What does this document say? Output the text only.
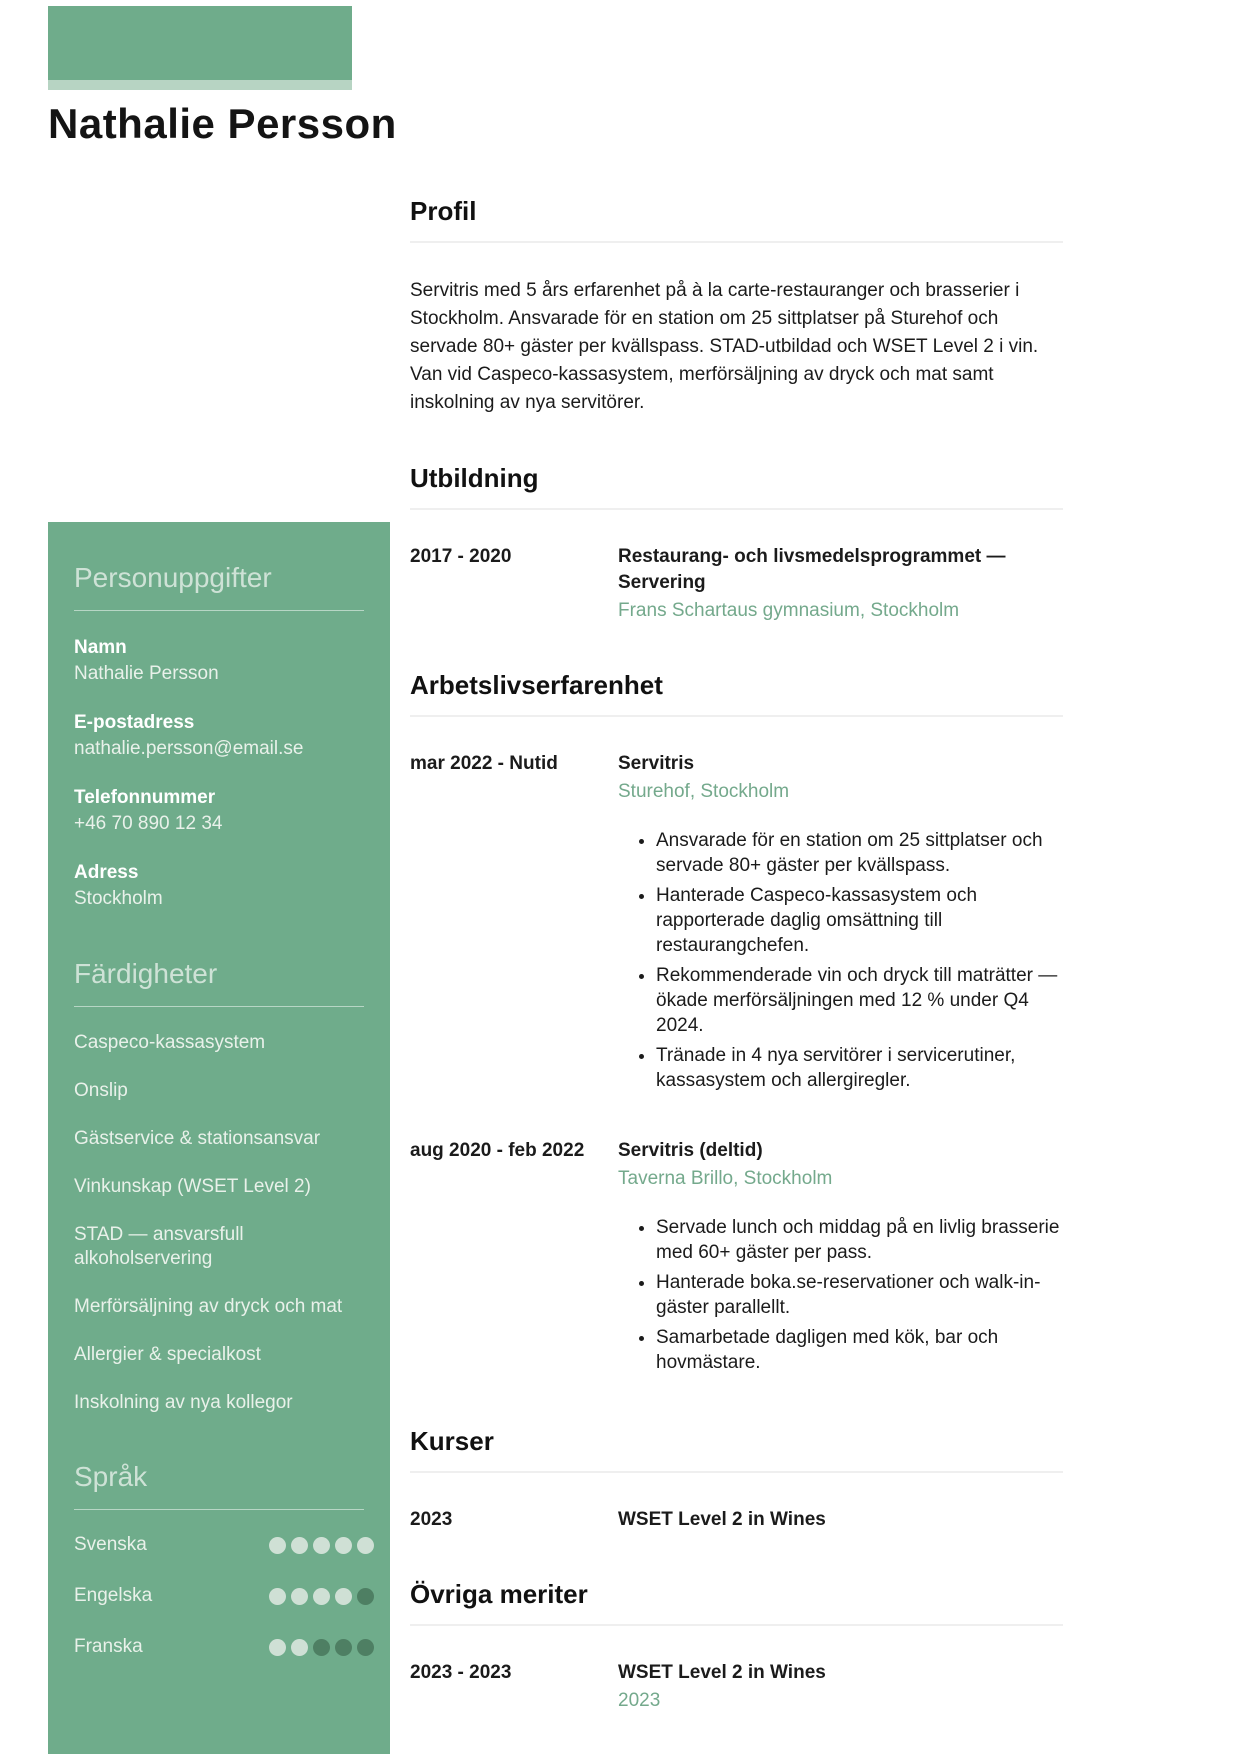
Nathalie Persson
Personuppgifter
Namn
Nathalie Persson
E-postadress
nathalie.persson@email.se
Telefonnummer
+46 70 890 12 34
Adress
Stockholm
Färdigheter
Caspeco-kassasystem
Onslip
Gästservice & stationsansvar
Vinkunskap (WSET Level 2)
STAD — ansvarsfull alkoholservering
Merförsäljning av dryck och mat
Allergier & specialkost
Inskolning av nya kollegor
Språk
Svenska
Engelska
Franska
Profil

Servitris med 5 års erfarenhet på à la carte-restauranger och brasserier i Stockholm. Ansvarade för en station om 25 sittplatser på Sturehof och servade 80+ gäster per kvällspass. STAD-utbildad och WSET Level 2 i vin. Van vid Caspeco-kassasystem, merförsäljning av dryck och mat samt inskolning av nya servitörer.

Utbildning
2017 - 2020	Restaurang- och livsmedelsprogrammet — Servering
Frans Schartaus gymnasium, Stockholm
Arbetslivserfarenhet
mar 2022 - Nutid	Servitris
Sturehof, Stockholm
• Ansvarade för en station om 25 sittplatser och servade 80+ gäster per kvällspass.
• Hanterade Caspeco-kassasystem och rapporterade daglig omsättning till restaurangchefen.
• Rekommenderade vin och dryck till maträtter — ökade merförsäljningen med 12 % under Q4 2024.
• Tränade in 4 nya servitörer i servicerutiner, kassasystem och allergiregler.
aug 2020 - feb 2022	Servitris (deltid)
Taverna Brillo, Stockholm
• Servade lunch och middag på en livlig brasserie med 60+ gäster per pass.
• Hanterade boka.se-reservationer och walk-in-gäster parallellt.
• Samarbetade dagligen med kök, bar och hovmästare.
Kurser
2023	WSET Level 2 in Wines
Övriga meriter
2023 - 2023	WSET Level 2 in Wines
2023
